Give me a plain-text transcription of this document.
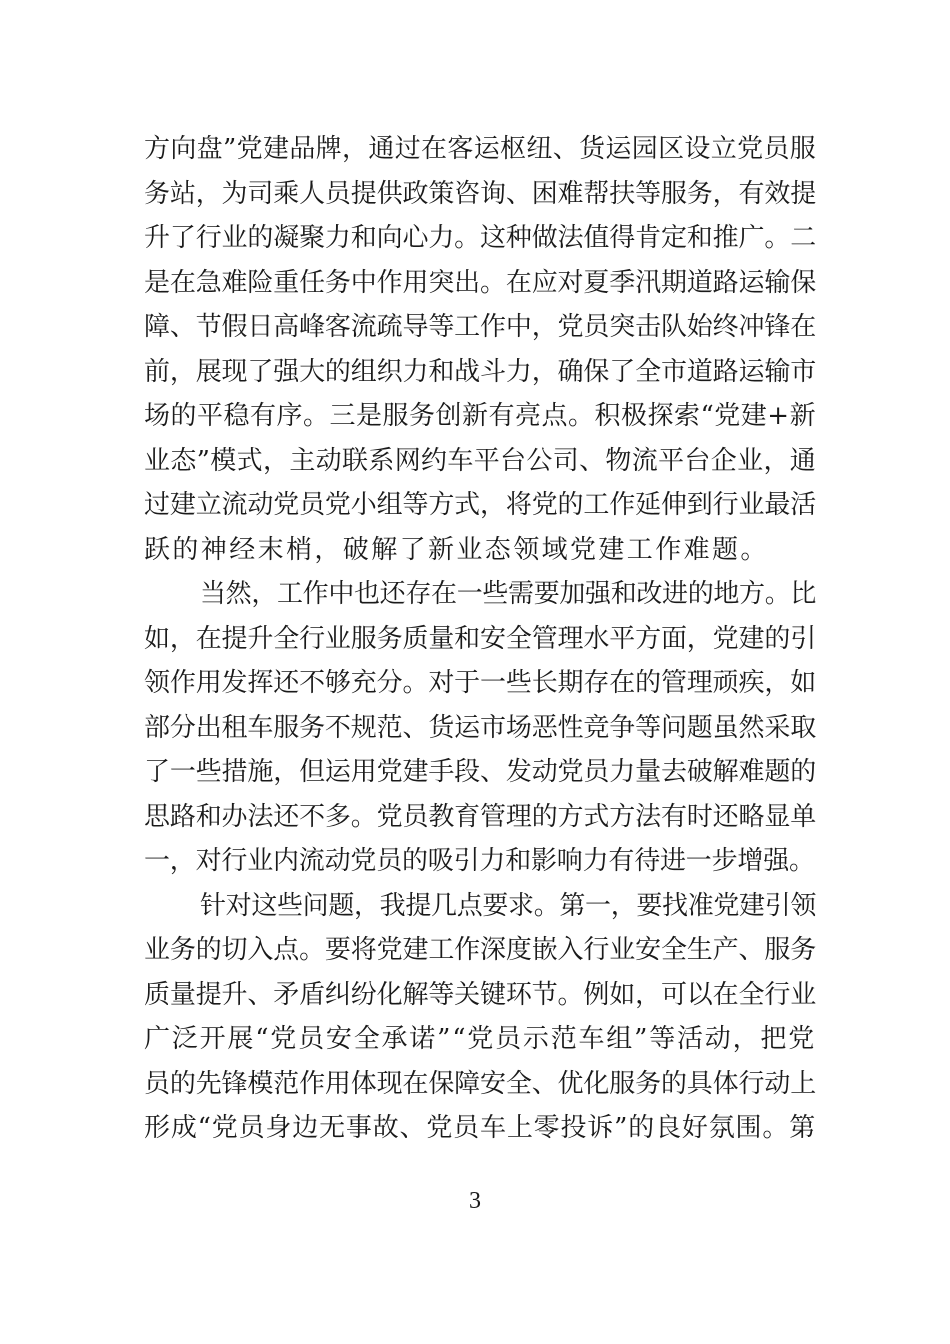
方向盘”党建品牌，通过在客运枢纽、货运园区设立党员服
务站，为司乘人员提供政策咨询、困难帮扶等服务，有效提
升了行业的凝聚力和向心力。这种做法值得肯定和推广。二
是在急难险重任务中作用突出。在应对夏季汛期道路运输保
障、节假日高峰客流疏导等工作中，党员突击队始终冲锋在
前，展现了强大的组织力和战斗力，确保了全市道路运输市
场的平稳有序。三是服务创新有亮点。积极探索“党建+新
业态”模式，主动联系网约车平台公司、物流平台企业，通
过建立流动党员党小组等方式，将党的工作延伸到行业最活
跃的神经末梢，破解了新业态领域党建工作难题。
当然，工作中也还存在一些需要加强和改进的地方。比
如，在提升全行业服务质量和安全管理水平方面，党建的引
领作用发挥还不够充分。对于一些长期存在的管理顽疾，如
部分出租车服务不规范、货运市场恶性竞争等问题虽然采取
了一些措施，但运用党建手段、发动党员力量去破解难题的
思路和办法还不多。党员教育管理的方式方法有时还略显单
一，对行业内流动党员的吸引力和影响力有待进一步增强。
针对这些问题，我提几点要求。第一，要找准党建引领
业务的切入点。要将党建工作深度嵌入行业安全生产、服务
质量提升、矛盾纠纷化解等关键环节。例如，可以在全行业
广泛开展“党员安全承诺”“党员示范车组”等活动，把党
员的先锋模范作用体现在保障安全、优化服务的具体行动上
形成“党员身边无事故、党员车上零投诉”的良好氛围。第
3
